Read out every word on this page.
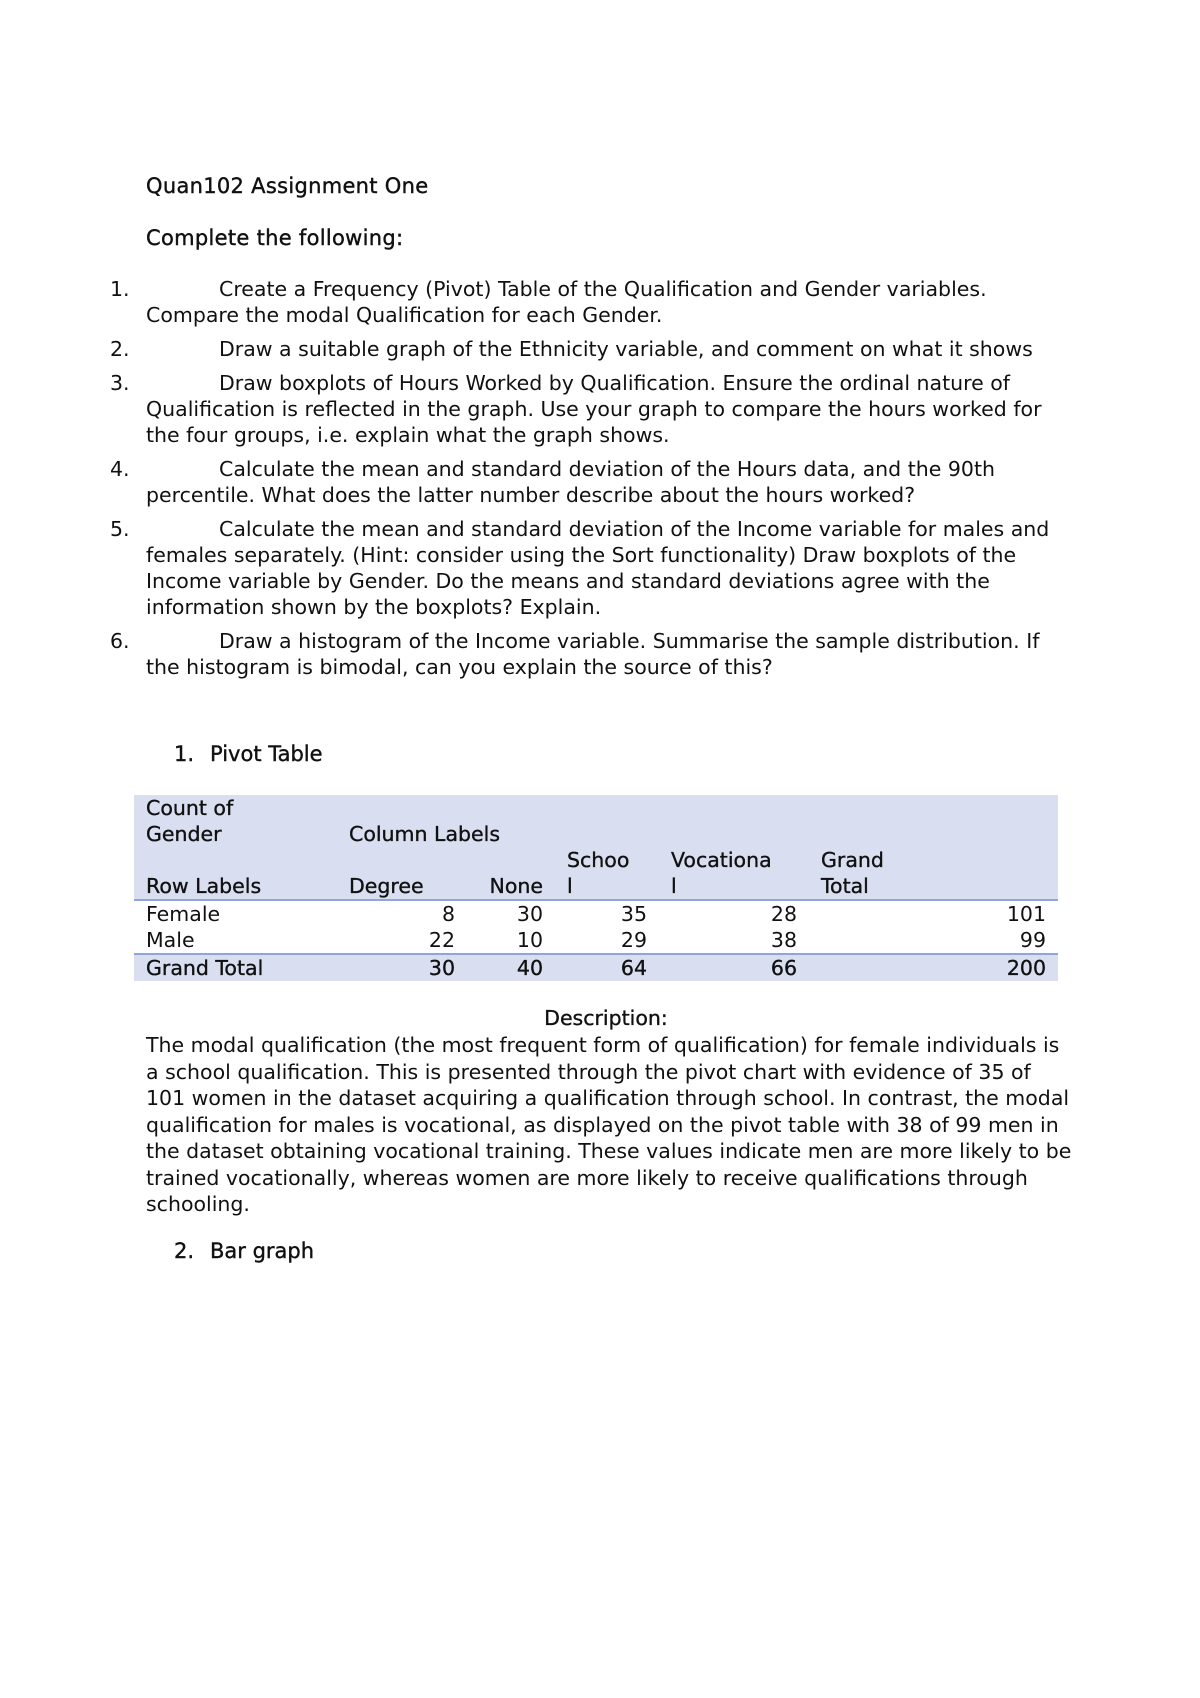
Quan102 Assignment One
Complete the following:
1.	Create a Frequency (Pivot) Table of the Qualification and Gender variables. Compare the modal Qualification for each Gender.
2.	Draw a suitable graph of the Ethnicity variable, and comment on what it shows
3.	Draw boxplots of Hours Worked by Qualification. Ensure the ordinal nature of Qualification is reflected in the graph. Use your graph to compare the hours worked for the four groups, i.e. explain what the graph shows.
4.	Calculate the mean and standard deviation of the Hours data, and the 90th percentile. What does the latter number describe about the hours worked?
5.	Calculate the mean and standard deviation of the Income variable for males and females separately. (Hint: consider using the Sort functionality) Draw boxplots of the Income variable by Gender. Do the means and standard deviations agree with the information shown by the boxplots? Explain.
6.	Draw a histogram of the Income variable. Summarise the sample distribution. If the histogram is bimodal, can you explain the source of this?
1. Pivot Table
Count of
Gender	Column Labels				
Row Labels	Degree	None	Schoo
l	Vocationa
l	Grand
Total
Female	8	30	35	28	101
Male	22	10	29	38	99
Grand Total	30	40	64	66	200
Description:
The modal qualification (the most frequent form of qualification) for female individuals is a school qualification. This is presented through the pivot chart with evidence of 35 of 101 women in the dataset acquiring a qualification through school. In contrast, the modal qualification for males is vocational, as displayed on the pivot table with 38 of 99 men in the dataset obtaining vocational training. These values indicate men are more likely to be trained vocationally, whereas women are more likely to receive qualifications through schooling.
2. Bar graph
